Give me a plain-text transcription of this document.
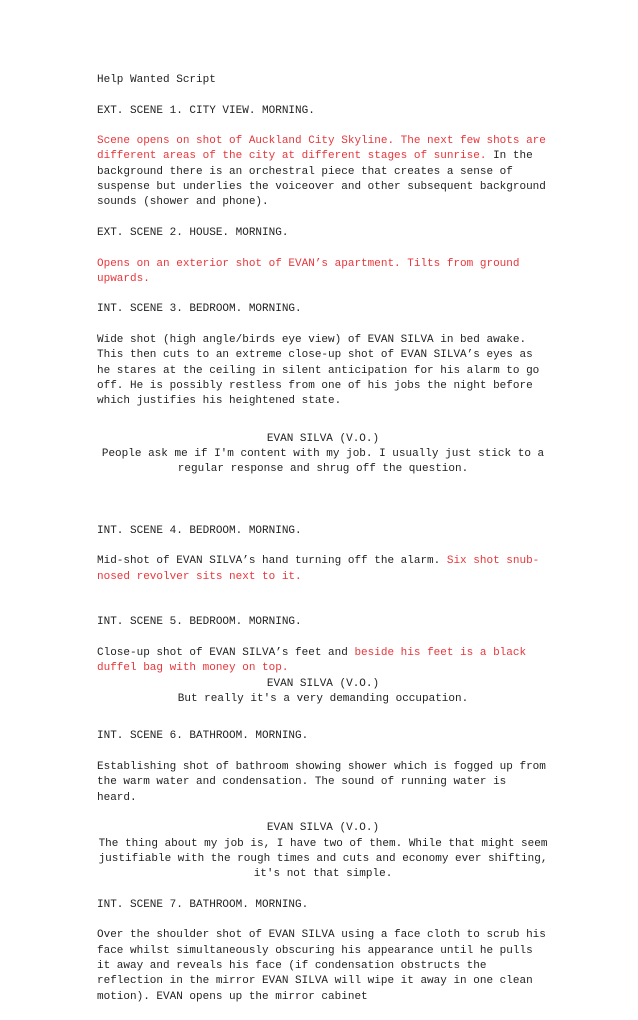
Help Wanted Script

EXT. SCENE 1. CITY VIEW. MORNING.

Scene opens on shot of Auckland City Skyline. The next few shots are different areas of the city at different stages of sunrise. In the background there is an orchestral piece that creates a sense of suspense but underlies the voiceover and other subsequent background sounds (shower and phone).

EXT. SCENE 2. HOUSE. MORNING.

Opens on an exterior shot of EVAN’s apartment. Tilts from ground upwards.

INT. SCENE 3. BEDROOM. MORNING.

Wide shot (high angle/birds eye view) of EVAN SILVA in bed awake. This then cuts to an extreme close-up shot of EVAN SILVA’s eyes as he stares at the ceiling in silent anticipation for his alarm to go off. He is possibly restless from one of his jobs the night before which justifies his heightened state.

EVAN SILVA (V.O.)

People ask me if I'm content with my job. I usually just stick to a regular response and shrug off the question.

INT. SCENE 4. BEDROOM. MORNING.

Mid-shot of EVAN SILVA’s hand turning off the alarm. Six shot snub-nosed revolver sits next to it.

INT. SCENE 5. BEDROOM. MORNING.

Close-up shot of EVAN SILVA’s feet and beside his feet is a black duffel bag with money on top.

EVAN SILVA (V.O.)

But really it's a very demanding occupation.

INT. SCENE 6. BATHROOM. MORNING.

Establishing shot of bathroom showing shower which is fogged up from the warm water and condensation. The sound of running water is heard.

EVAN SILVA (V.O.)

The thing about my job is, I have two of them. While that might seem justifiable with the rough times and cuts and economy ever shifting, it's not that simple.

INT. SCENE 7. BATHROOM. MORNING.

Over the shoulder shot of EVAN SILVA using a face cloth to scrub his face whilst simultaneously obscuring his appearance until he pulls it away and reveals his face (if condensation obstructs the reflection in the mirror EVAN SILVA will wipe it away in one clean motion). EVAN opens up the mirror cabinet
